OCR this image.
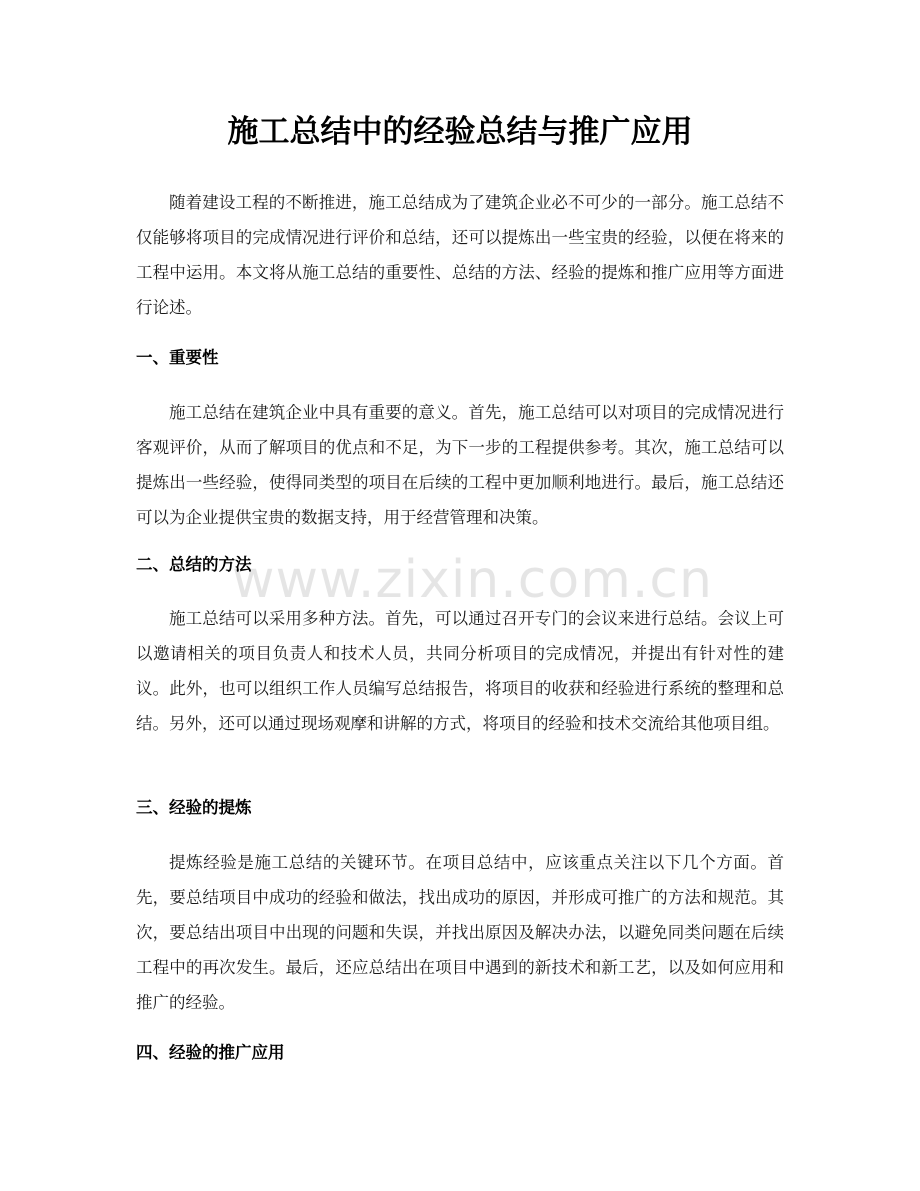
施工总结中的经验总结与推广应用

随着建设工程的不断推进，施工总结成为了建筑企业必不可少的一部分。施工总结不仅能够将项目的完成情况进行评价和总结，还可以提炼出一些宝贵的经验，以便在将来的工程中运用。本文将从施工总结的重要性、总结的方法、经验的提炼和推广应用等方面进行论述。

一、重要性

施工总结在建筑企业中具有重要的意义。首先，施工总结可以对项目的完成情况进行客观评价，从而了解项目的优点和不足，为下一步的工程提供参考。其次，施工总结可以提炼出一些经验，使得同类型的项目在后续的工程中更加顺利地进行。最后，施工总结还可以为企业提供宝贵的数据支持，用于经营管理和决策。

二、总结的方法

施工总结可以采用多种方法。首先，可以通过召开专门的会议来进行总结。会议上可以邀请相关的项目负责人和技术人员，共同分析项目的完成情况，并提出有针对性的建议。此外，也可以组织工作人员编写总结报告，将项目的收获和经验进行系统的整理和总结。另外，还可以通过现场观摩和讲解的方式，将项目的经验和技术交流给其他项目组。

三、经验的提炼

提炼经验是施工总结的关键环节。在项目总结中，应该重点关注以下几个方面。首先，要总结项目中成功的经验和做法，找出成功的原因，并形成可推广的方法和规范。其次，要总结出项目中出现的问题和失误，并找出原因及解决办法，以避免同类问题在后续工程中的再次发生。最后，还应总结出在项目中遇到的新技术和新工艺，以及如何应用和推广的经验。

四、经验的推广应用
www.zixin.com.cn
